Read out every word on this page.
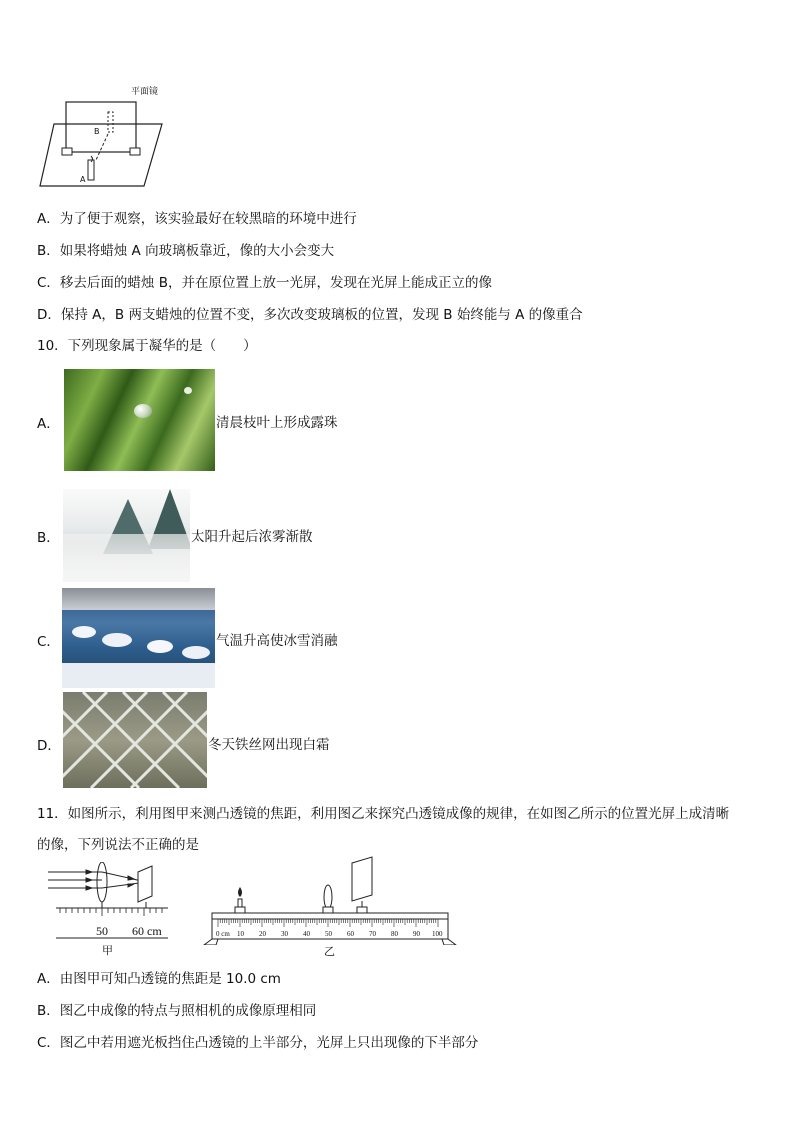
平面镜
B
A
A．为了便于观察，该实验最好在较黑暗的环境中进行
B．如果将蜡烛 A 向玻璃板靠近，像的大小会变大
C．移去后面的蜡烛 B，并在原位置上放一光屏，发现在光屏上能成正立的像
D．保持 A，B 两支蜡烛的位置不变，多次改变玻璃板的位置，发现 B 始终能与 A 的像重合
10．下列现象属于凝华的是（　　）
A．	清晨枝叶上形成露珠
B．	太阳升起后浓雾渐散
C．	气温升高使冰雪消融
D．	冬天铁丝网出现白霜
11．如图所示，利用图甲来测凸透镜的焦距，利用图乙来探究凸透镜成像的规律，在如图乙所示的位置光屏上成清晰
的像，下列说法不正确的是
50 60 cm
甲
0 cm 10 20 30 40 50 60 70 80 90 100
乙
A．由图甲可知凸透镜的焦距是 10.0 cm
B．图乙中成像的特点与照相机的成像原理相同
C．图乙中若用遮光板挡住凸透镜的上半部分，光屏上只出现像的下半部分
